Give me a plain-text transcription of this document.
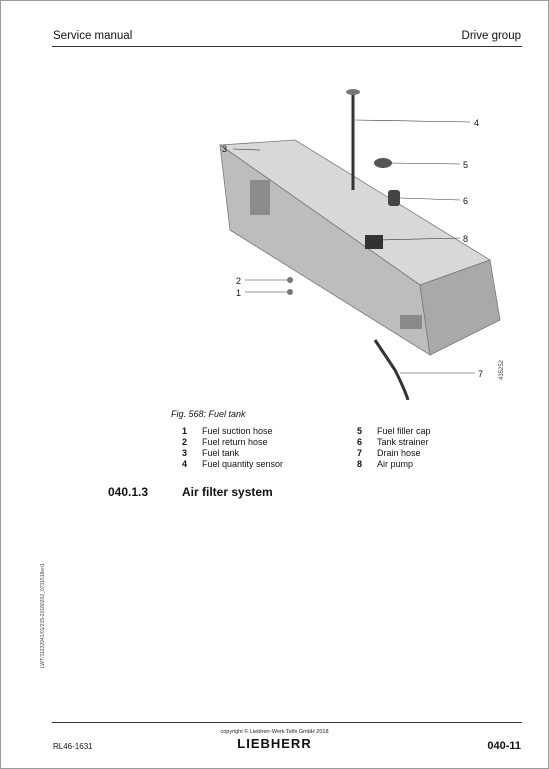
Service manual	Drive group
3
4
5
6
8
2
1
7	435252
Fig. 568: Fuel tank
1 Fuel suction hose
2 Fuel return hose
3 Fuel tank
4 Fuel quantity sensor
5 Fuel filler cap
6 Tank strainer
7 Drain hose
8 Air pump
040.1.3	Air filter system
LWT/11232941/01/215-20180202_0731518en1
copyright © Liebherr-Werk Telfs GmbH 2018
LIEBHERR
RL46-1631	040-11
